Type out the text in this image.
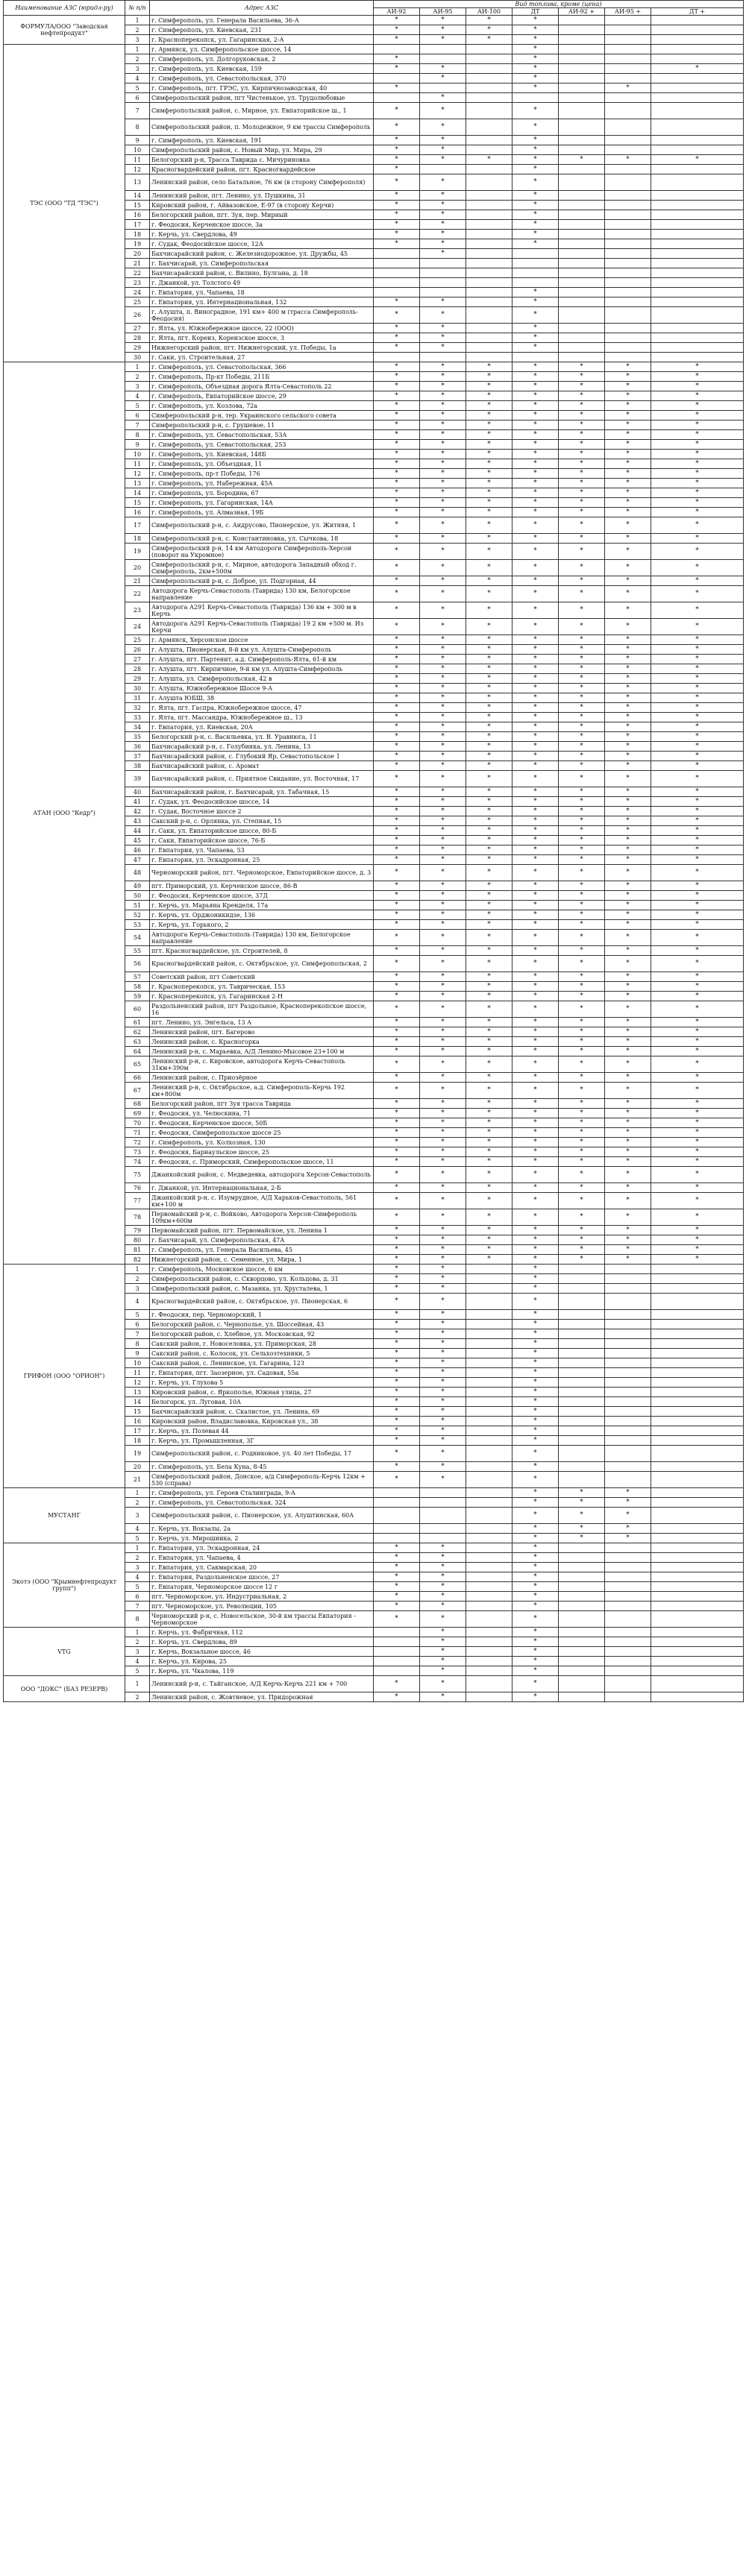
Наименование АЗС (юридл-ру)	№ п/п	Адрес АЗС	Вид топлива, кроме (цена)						
			АИ-92	АИ-95	АИ-100	ДТ	АИ-92 +	АИ-95 +	ДТ +
ФОРМУЛА/ООО "Заводская нефтепродукт"	1	г. Симферополь, ул. Генерала Васильева, 36-А	*	*	*	*			
	2	г. Симферополь, ул. Киевская, 231	*	*	*	*			
	3	г. Красноперекопск, ул. Гагаринская, 2-А	*	*	*	*			
ТЭС (ООО "ТД "ТЭС")	1	г. Армянск, ул. Симферопольское шоссе, 14				*			
	2	г. Симферополь, ул. Долгоруковская, 2	*			*			
	3	г. Симферополь, ул. Киевская, 159	*	*		*			*
	4	г. Симферополь, ул. Севастопольская, 370		*		*			
	5	г. Симферополь, пгт. ГРЭС, ул. Кирпичнозаводская, 40	*			*		*	
	6	Симферопольский район, пгт Чистенькое, ул. Трудолюбовые		*					
	7	Симферопольский район, с. Мирное, ул. Евпаторийское ш., 1	*	*		*			
	8	Симферопольский район, п. Молодежное, 9 км трассы Симферополь	*	*		*			
	9	г. Симферополь, ул. Киевская, 191	*	*		*			
	10	Симферопольский район, с. Новый Мир, ул. Мира, 29	*	*		*			
	11	Белогорский р-н, Трасса Таврида с. Мичуриновка	*	*	*	*	*	*	*
	12	Красногвардейский район, пгт. Красногвардейское	*			*			
	13	Ленинский район, село Батальное, 76 км (в сторону Симферополя)	*	*		*			
	14	Ленинский район, пгт. Ленино, ул. Пушкина, 31	*	*		*			
	15	Кировский район, г. Айвазовское, Е-97 (в сторону Керчи)	*	*		*			
	16	Белогорский район, пгт. Зуя, пер. Мирный	*	*		*			
	17	г. Феодосия, Керченское шоссе, 3а	*	*		*			
	18	г. Керчь, ул. Свердлова, 49	*	*		*			
	19	г. Судак, Феодосийское шоссе, 12А	*	*		*			
	20	Бахчисарайский район, с. Железнодорожное, ул. Дружбы, 45		*					
	21	г. Бахчисарай, ул. Симферопольская							
	22	Бахчисарайский район, с. Вилино, Булгана, д. 18							
	23	г. Джанкой, ул. Толстого 49							
	24	г. Евпатория, ул. Чапаева, 18				*			
	25	г. Евпатория, ул. Интернациональная, 132	*	*		*			
	26	г. Алушта, п. Виноградное, 191 км+ 400 м (трасса Симферополь-Феодосия)	*	*		*			
	27	г. Ялта, ул. Южнобережное шоссе, 22 (ООО)	*	*		*			
	28	г. Ялта, пгт. Кореиз, Кореизское шоссе, 3	*	*		*			
	29	Нижнегорский район, пгт. Нижнегорский, ул. Победы, 1а	*	*		*			
	30	г. Саки, ул. Строительная, 27							
АТАН (ООО "Кедр")	1	г. Симферополь, ул. Севастопольская, 366	*	*	*	*	*	*	*
	2	г. Симферополь, Пр-кт Победы, 211Б	*	*	*	*	*	*	*
	3	г. Симферополь, Объездная дорога Ялта-Севастополь 22	*	*	*	*	*	*	*
	4	г. Симферополь, Евпаторийское шоссе, 29	*	*	*	*	*	*	*
	5	г. Симферополь, ул. Козлова, 72а	*	*	*	*	*	*	*
	6	Симферопольский р-н, тер. Украинского сельского совета	*	*	*	*	*	*	*
	7	Симферопольский р-н, с. Грушевое, 11	*	*	*	*	*	*	*
	8	г. Симферополь, ул. Севастопольская, 53А	*	*	*	*	*	*	*
	9	г. Симферополь, ул. Севастопольская, 253	*	*	*	*	*	*	*
	10	г. Симферополь, ул. Киевская, 148Б	*	*	*	*	*	*	*
	11	г. Симферополь, ул. Объездная, 11	*	*	*	*	*	*	*
	12	г. Симферополь, пр-т Победы, 176	*	*	*	*	*	*	*
	13	г. Симферополь, ул. Набережная, 45А	*	*	*	*	*	*	*
	14	г. Симферополь, ул. Бородина, 67	*	*	*	*	*	*	*
	15	г. Симферополь, ул. Гагаринская, 14А	*	*	*	*	*	*	*
	16	г. Симферополь, ул. Алмазная, 19Б	*	*	*	*	*	*	*
	17	Симферопольский р-н, с. Андрусово, Пионерское, ул. Житняя, 1	*	*	*	*	*	*	*
	18	Симферопольский р-н, с. Константиновка, ул. Сычкова, 18	*	*	*	*	*	*	*
	19	Симферопольский р-н, 14 км Автодороги Симферополь-Херсон (поворот на Укромное)	*	*	*	*	*	*	*
	20	Симферопольский р-н, с. Мирное, автодорога Западный обход г. Симферополь, 2км+500м	*	*	*	*	*	*	*
	21	Симферопольский р-н, с. Доброе, ул. Подгорная, 44	*	*	*	*	*	*	*
	22	Автодорога Керчь-Севастополь (Таврида) 130 км, Белогорское направление	*	*	*	*	*	*	*
	23	Автодорога А291 Керчь-Севастополь (Таврида) 136 км + 300 м в Керчь	*	*	*	*	*	*	*
	24	Автодорога А291 Керчь-Севастополь (Таврида) 19 2 км +500 м. Из Керчи	*	*	*	*	*	*	*
	25	г. Армянск, Херсонское шоссе	*	*	*	*	*	*	*
	26	г. Алушта, Пионерская, 8-й км ул. Алушта-Симферополь	*	*	*	*	*	*	*
	27	г. Алушта, пгт. Партенит, а.д. Симферополь-Ялта, 61-й км	*	*	*	*	*	*	*
	28	г. Алушта, пгт. Кирпичное, 9-й км ул. Алушта-Симферополь	*	*	*	*	*	*	*
	29	г. Алушта, ул. Симферопольская, 42 в	*	*	*	*	*	*	*
	30	г. Алушта, Южнобережное Шоссе 9-А	*	*	*	*	*	*	*
	31	г. Алушта ЮБШ, 38	*	*	*	*	*	*	*
	32	г. Ялта, пгт. Гаспра, Южнобережное шоссе, 47	*	*	*	*	*	*	*
	33	г. Ялта, пгт. Массандра, Южнобережное ш., 13	*	*	*	*	*	*	*
	34	г. Евпатория, ул. Киевская, 20А	*	*	*	*	*	*	*
	35	Белогорский р-н, с. Васильевка, ул. В. Уравнюга, 11	*	*	*	*	*	*	*
	36	Бахчисарайский р-н, с. Голубинка, ул. Ленина, 13	*	*	*	*	*	*	*
	37	Бахчисарайский район, с. Глубокий Яр, Севастопольское 1	*	*	*	*	*	*	*
	38	Бахчисарайский район, с. Аромат	*	*	*	*	*	*	*
	39	Бахчисарайский район, с. Приятное Свидание, ул. Восточная, 17	*	*	*	*	*	*	*
	40	Бахчисарайский район, г. Бахчисарай, ул. Табачная, 15	*	*	*	*	*	*	*
	41	г. Судак, ул. Феодосийское шоссе, 14	*	*	*	*	*	*	*
	42	г. Судак, Восточное шоссе 2	*	*	*	*	*	*	*
	43	Сакский р-н, с. Орлянка, ул. Степная, 15	*	*	*	*	*	*	*
	44	г. Саки, ул. Евпаторийское шоссе, 80-Б	*	*	*	*	*	*	*
	45	г. Саки, Евпаторийское шоссе, 76-Б	*	*	*	*	*	*	*
	46	г. Евпатория, ул. Чапаева, 53	*	*	*	*	*	*	*
	47	г. Евпатория, ул. Эскадронная, 25	*	*	*	*	*	*	*
	48	Черноморский район, пгт. Черноморское, Евпаторийское шоссе, д. 3	*	*	*	*	*	*	*
	49	пгт. Приморский, ул. Керченское шоссе, 86-В	*	*	*	*	*	*	*
	50	г. Феодосия, Керченское шоссе, 37Д	*	*	*	*	*	*	*
	51	г. Керчь, ул. Марьяна Кренделя, 17а	*	*	*	*	*	*	*
	52	г. Керчь, ул. Орджоникидзе, 136	*	*	*	*	*	*	*
	53	г. Керчь, ул. Горького, 2	*	*	*	*	*	*	*
	54	Автодорога Керчь-Севастополь (Таврида) 130 км, Белогорское направление	*	*	*	*	*	*	*
	55	пгт. Красногвардейское, ул. Строителей, 8	*	*	*	*	*	*	*
	56	Красногвардейский район, с. Октябрьское, ул. Симферопольская, 2	*	*	*	*	*	*	*
	57	Советский район, пгт Советский	*	*	*	*	*	*	*
	58	г. Красноперекопск, ул. Таврическая, 153	*	*	*	*	*	*	*
	59	г. Красноперекопск, ул. Гагаринская 2-Н	*	*	*	*	*	*	*
	60	Раздольненский район, пгт Раздольное, Красноперекопское шоссе, 16	*	*	*	*	*	*	*
	61	пгт. Ленино, ул. Энгельса, 13 А	*	*	*	*	*	*	*
	62	Ленинский район, пгт. Багерово	*	*	*	*	*	*	*
	63	Ленинский район, с. Красногорка	*	*	*	*	*	*	*
	64	Ленинский р-н, с. Марьевка, А/Д Ленино-Мысовое 23+100 м	*	*	*	*	*	*	*
	65	Ленинский р-н, с. Кировское, автодорога Керчь-Севастополь 31км+390м	*	*	*	*	*	*	*
	66	Ленинский район, с. Приозёрное	*	*	*	*	*	*	*
	67	Ленинский р-н, с. Октябрьское, а.д. Симферополь-Керчь 192 км+800м	*	*	*	*	*	*	*
	68	Белогорский район, пгт Зуя трасса Таврида	*	*	*	*	*	*	*
	69	г. Феодосия, ул. Челюскина, 71	*	*	*	*	*	*	*
	70	г. Феодосия, Керченское шоссе, 50Б	*	*	*	*	*	*	*
	71	г. Феодосия, Симферопольское шоссе 25	*	*	*	*	*	*	*
	72	г. Симферополь, ул. Колхозная, 130	*	*	*	*	*	*	*
	73	г. Феодосия, Барнаульское шоссе, 25	*	*	*	*	*	*	*
	74	г. Феодосия, с. Приморский, Симферопольское шоссе, 11	*	*	*	*	*	*	*
	75	Джанкойский район, с. Медведевка, автодорога Херсон-Севастополь	*	*	*	*	*	*	*
	76	г. Джанкой, ул. Интернациональная, 2-Б	*	*	*	*	*	*	*
	77	Джанкойский р-н, с. Изумрудное, А/Д Харьков-Севастополь, 561 км+100 м	*	*	*	*	*	*	*
	78	Первомайский р-н, с. Войково, Автодорога Херсон-Симферополь 109км+600м	*	*	*	*	*	*	*
	79	Первомайский район, пгт. Первомайское, ул. Ленина 1	*	*	*	*	*	*	*
	80	г. Бахчисарай, ул. Симферопольская, 47А	*	*	*	*	*	*	*
	81	г. Симферополь, ул. Генерала Васильева, 45	*	*	*	*	*	*	*
	82	Нижнегорский район, с. Семенное, ул. Мира, 1	*	*	*	*	*	*	*
ГРИФОН (ООО "ОРИОН")	1	г. Симферополь, Московское шоссе, 6 км	*	*		*			
	2	Симферопольский район, с. Скворцово, ул. Кольцова, д. 31	*	*		*			
	3	Симферопольский район, с. Мазанка, ул. Хрусталева, 1	*	*		*			
	4	Красногвардейский район, с. Октябрьское, ул. Пионерская, 6	*	*		*			
	5	г. Феодосия, пер. Черноморский, 1	*	*		*			
	6	Белогорский район, с. Чернополье, ул. Шоссейная, 43	*	*		*			
	7	Белогорский район, с. Хлебное, ул. Московская, 92	*	*		*			
	8	Сакский район, г. Новоселовка, ул. Приморская, 28	*	*		*			
	9	Сакский район, с. Колосок, ул. Сельхозтехники, 5	*	*		*			
	10	Сакский район, с. Ленинское, ул. Гагарина, 123	*	*		*			
	11	г. Евпатория, пгт. Заозерное, ул. Садовая, 55а	*	*		*			
	12	г. Керчь, ул. Глухова 5	*	*		*			
	13	Кировский район, с. Яркополье, Южная улица, 27	*	*		*			
	14	Белогорск, ул. Луговая, 10А	*	*		*			
	15	Бахчисарайский район, с. Скалистое, ул. Ленина, 69	*	*		*			
	16	Кировский район, Владиславовка, Кировская ул., 38	*	*		*			
	17	г. Керчь, ул. Полевая 44	*	*		*			
	18	г. Керчь, ул. Промышленная, 3Г	*	*		*			
	19	Симферопольский район, с. Родниковое, ул. 40 лет Победы, 17	*	*		*			
	20	г. Симферополь, ул. Бела Куна, 8-45	*	*		*			
	21	Симферопольский район, Донское, а/д Симферополь-Керчь 12км + 530 (справа)	*	*		*			
МУСТАНГ	1	г. Симферополь, ул. Героев Сталинграда, 9-А				*	*	*	
	2	г. Симферополь, ул. Севастопольская, 324				*	*	*	
	3	Симферопольский район, с. Пионерское, ул. Алуштинская, 60А				*	*	*	
	4	г. Керчь, ул. Вокзалы, 2а				*	*	*	
	5	г. Керчь, ул. Мирошника, 2				*	*	*	
Экотэ (ООО "Крымнефтепродукт групп")	1	г. Евпатория, ул. Эскадронная, 24	*	*		*			
	2	г. Евпатория, ул. Чапаева, 4	*	*		*			
	3	г. Евпатория, ул. Сакмарская, 20	*	*		*			
	4	г. Евпатория, Раздольненское шоссе, 27	*	*		*			
	5	г. Евпатория, Черноморское шоссе 12 г	*	*		*			
	6	пгт. Черноморское, ул. Индустриальная, 2	*	*		*			
	7	пгт. Черноморское, ул. Революции, 105	*	*		*			
	8	Черноморский р-н, с. Новосельское, 30-й км трассы Евпатория - Черноморское	*	*		*			
VTG	1	г. Керчь, ул. Фабричная, 112		*		*			
	2	г. Керчь, ул. Свердлова, 89		*		*			
	3	г. Керчь, Вокзальное шоссе, 46		*		*			
	4	г. Керчь, ул. Кирова, 25		*		*			
	5	г. Керчь, ул. Чкалова, 119		*		*			
ООО "ДОКС" (БАЗ РЕЗЕРВ)	1	Ленинский р-н, с. Тайганское, А/Д Керчь-Керчь 221 км + 700	*	*		*			
	2	Ленинский район, с. Жовтневое, ул. Придорожная	*	*		*			
